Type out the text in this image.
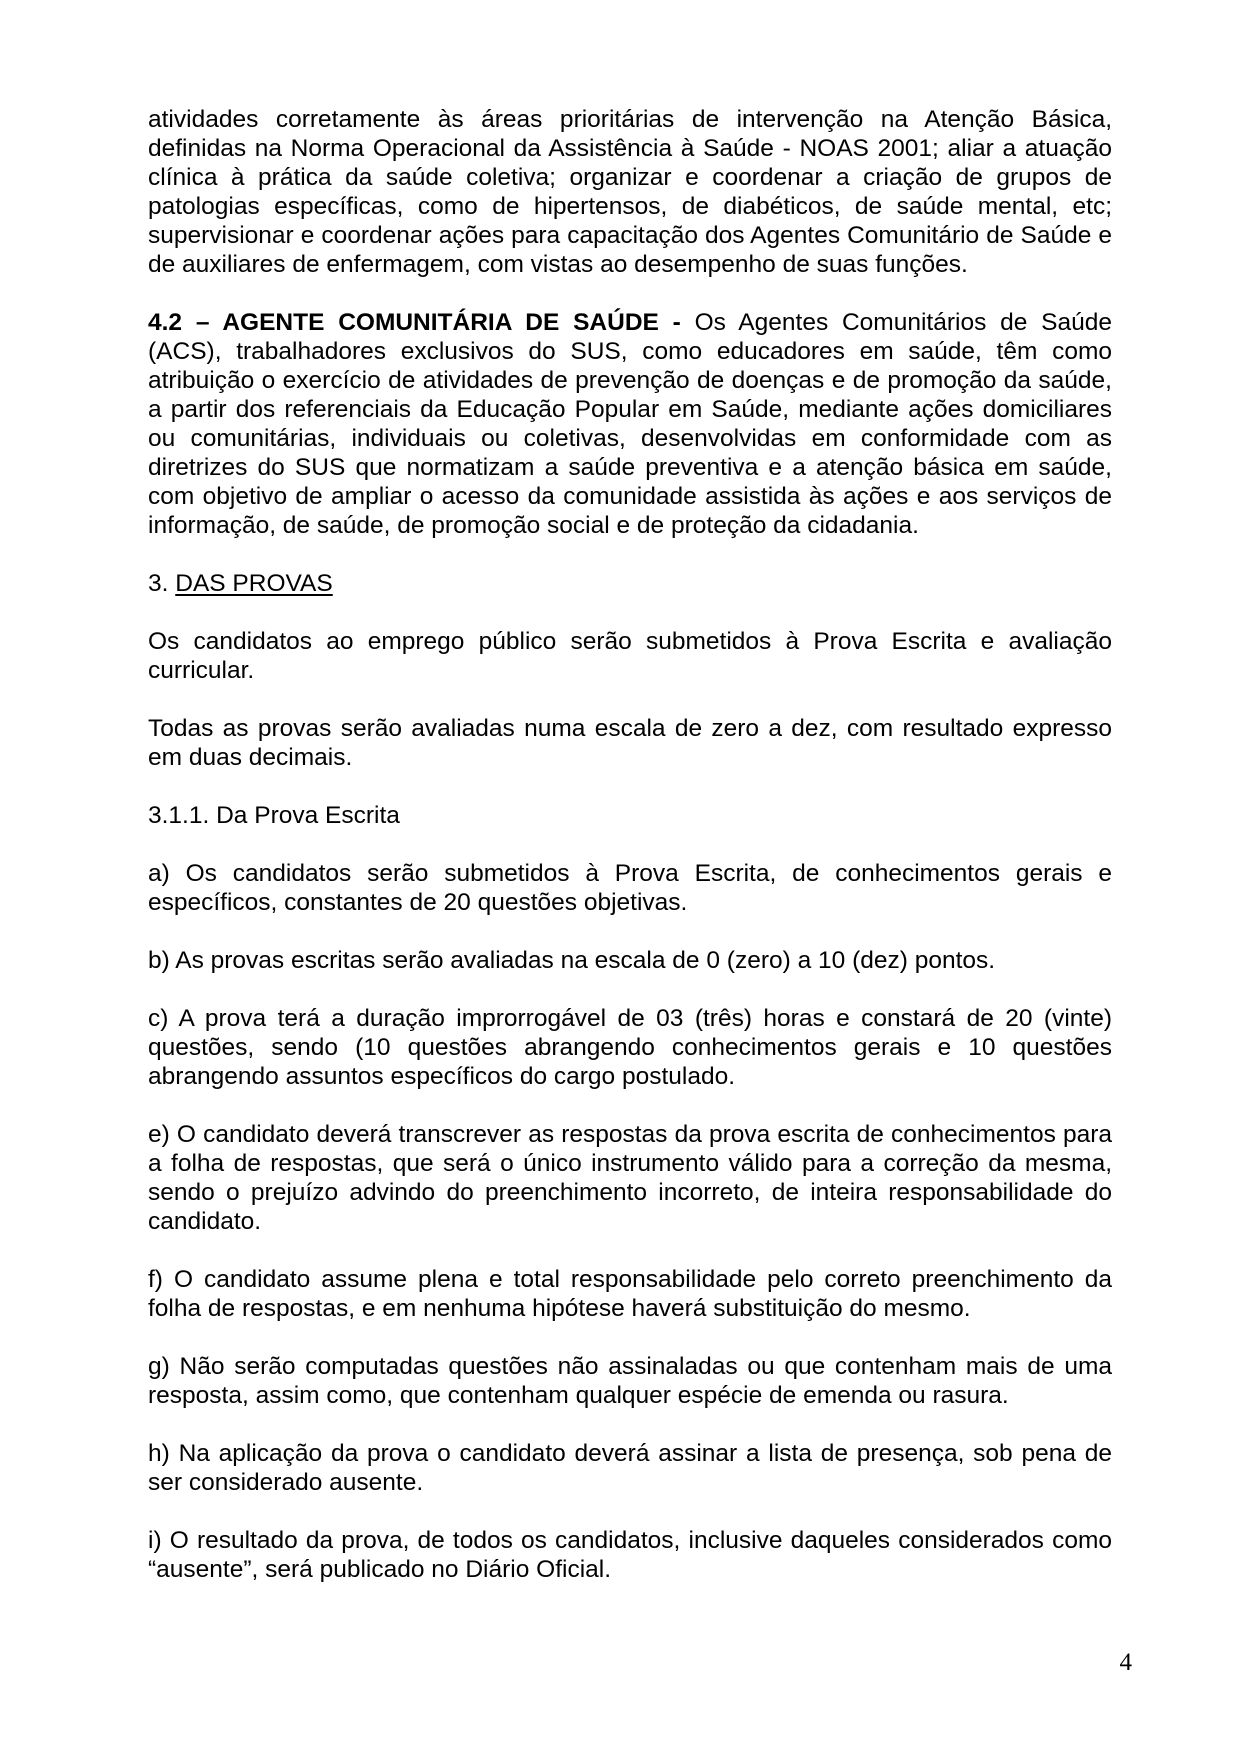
atividades corretamente às áreas prioritárias de intervenção na Atenção Básica, definidas na Norma Operacional da Assistência à Saúde - NOAS 2001; aliar a atuação clínica à prática da saúde coletiva; organizar e coordenar a criação de grupos de patologias específicas, como de hipertensos, de diabéticos, de saúde mental, etc; supervisionar e coordenar ações para capacitação dos Agentes Comunitário de Saúde e de auxiliares de enfermagem, com vistas ao desempenho de suas funções.

4.2 – AGENTE COMUNITÁRIA DE SAÚDE - Os Agentes Comunitários de Saúde (ACS), trabalhadores exclusivos do SUS, como educadores em saúde, têm como atribuição o exercício de atividades de prevenção de doenças e de promoção da saúde, a partir dos referenciais da Educação Popular em Saúde, mediante ações domiciliares ou comunitárias, individuais ou coletivas, desenvolvidas em conformidade com as diretrizes do SUS que normatizam a saúde preventiva e a atenção básica em saúde, com objetivo de ampliar o acesso da comunidade assistida às ações e aos serviços de informação, de saúde, de promoção social e de proteção da cidadania.

3. DAS PROVAS

Os candidatos ao emprego público serão submetidos à Prova Escrita e avaliação curricular.

Todas as provas serão avaliadas numa escala de zero a dez, com resultado expresso em duas decimais.

3.1.1. Da Prova Escrita

a) Os candidatos serão submetidos à Prova Escrita, de conhecimentos gerais e específicos, constantes de 20 questões objetivas.

b) As provas escritas serão avaliadas na escala de 0 (zero) a 10 (dez) pontos.

c) A prova terá a duração improrrogável de 03 (três) horas e constará de 20 (vinte) questões, sendo (10 questões abrangendo conhecimentos gerais e 10 questões abrangendo assuntos específicos do cargo postulado.

e) O candidato deverá transcrever as respostas da prova escrita de conhecimentos para a folha de respostas, que será o único instrumento válido para a correção da mesma, sendo o prejuízo advindo do preenchimento incorreto, de inteira responsabilidade do candidato.

f) O candidato assume plena e total responsabilidade pelo correto preenchimento da folha de respostas, e em nenhuma hipótese haverá substituição do mesmo.

g) Não serão computadas questões não assinaladas ou que contenham mais de uma resposta, assim como, que contenham qualquer espécie de emenda ou rasura.

h) Na aplicação da prova o candidato deverá assinar a lista de presença, sob pena de ser considerado ausente.

i) O resultado da prova, de todos os candidatos, inclusive daqueles considerados como “ausente”, será publicado no Diário Oficial.

4
